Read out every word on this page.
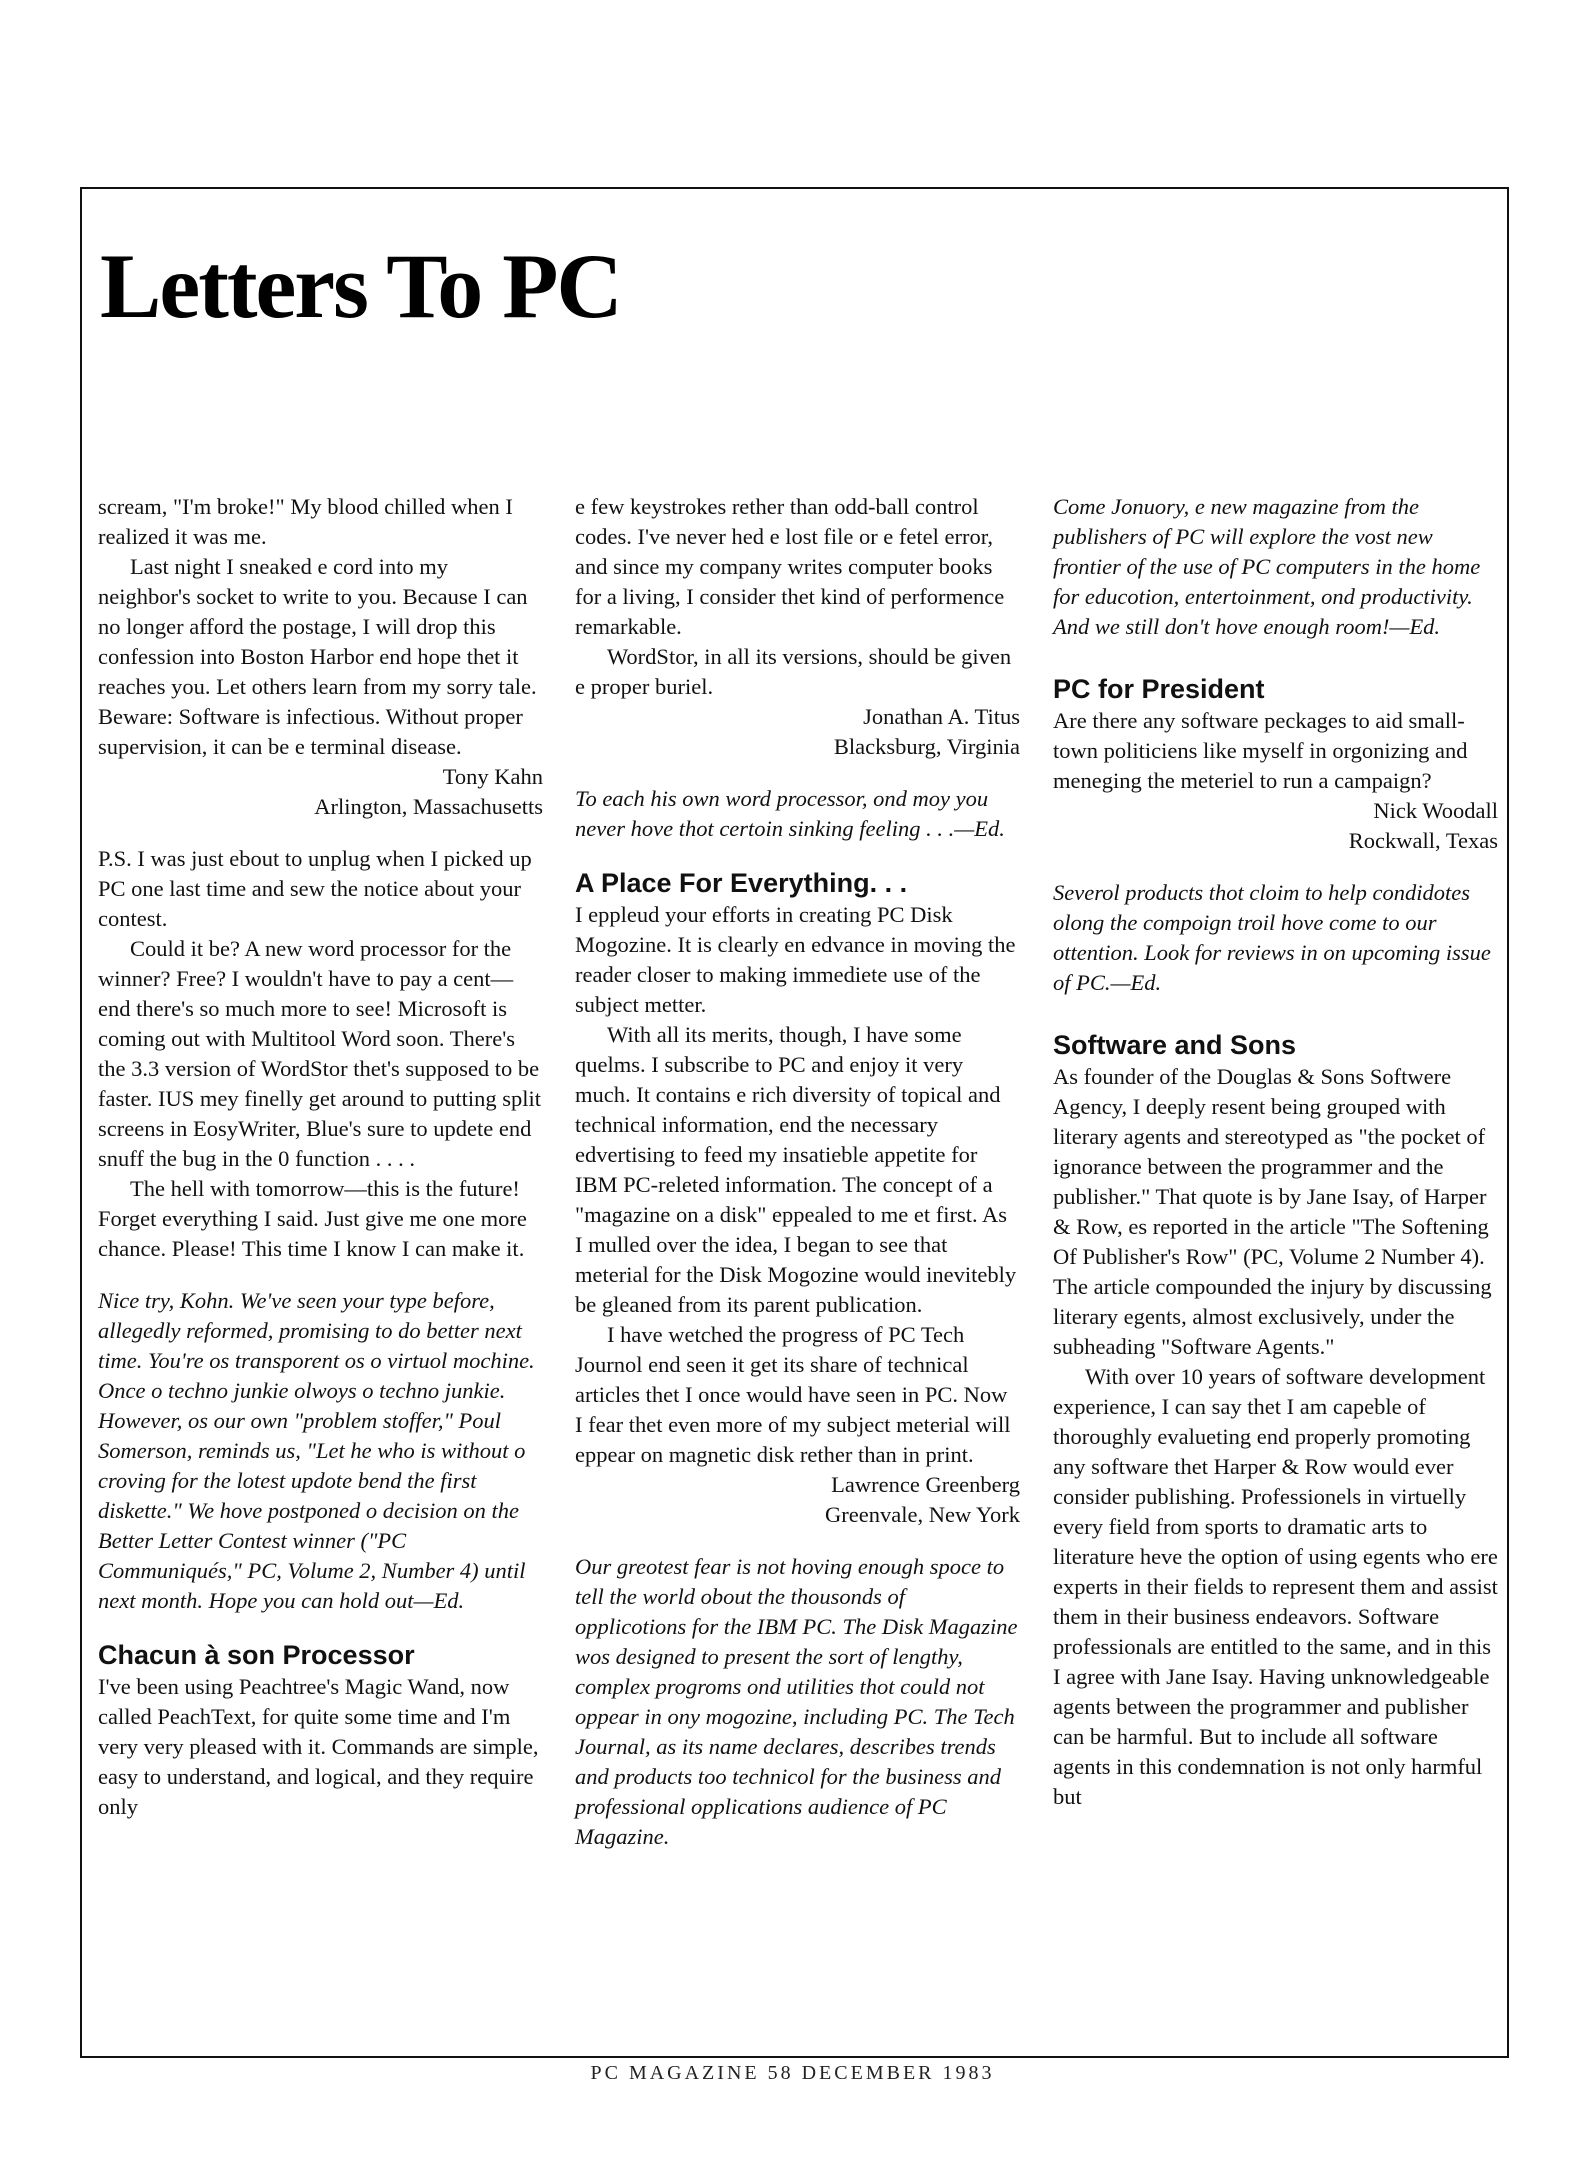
Letters To PC

scream, "I'm broke!" My blood chilled when I realized it was me.

Last night I sneaked e cord into my neighbor's socket to write to you. Because I can no longer afford the postage, I will drop this confession into Boston Harbor end hope thet it reaches you. Let others learn from my sorry tale. Beware: Software is infectious. Without proper supervision, it can be e terminal disease.

Tony Kahn

Arlington, Massachusetts

P.S. I was just ebout to unplug when I picked up PC one last time and sew the notice about your contest.

Could it be? A new word processor for the winner? Free? I wouldn't have to pay a cent—end there's so much more to see! Microsoft is coming out with Multitool Word soon. There's the 3.3 version of WordStor thet's supposed to be faster. IUS mey finelly get around to putting split screens in EosyWriter, Blue's sure to updete end snuff the bug in the 0 function . . . .

The hell with tomorrow—this is the future! Forget everything I said. Just give me one more chance. Please! This time I know I can make it.

Nice try, Kohn. We've seen your type before, allegedly reformed, promising to do better next time. You're os transporent os o virtuol mochine. Once o techno junkie olwoys o techno junkie. However, os our own "problem stoffer," Poul Somerson, reminds us, "Let he who is without o croving for the lotest updote bend the first diskette." We hove postponed o decision on the Better Letter Contest winner ("PC Communiqués," PC, Volume 2, Number 4) until next month. Hope you can hold out—Ed.

Chacun à son Processor

I've been using Peachtree's Magic Wand, now called PeachText, for quite some time and I'm very very pleased with it. Commands are simple, easy to understand, and logical, and they require only

e few keystrokes rether than odd-ball control codes. I've never hed e lost file or e fetel error, and since my company writes computer books for a living, I consider thet kind of performence remarkable.

WordStor, in all its versions, should be given e proper buriel.

Jonathan A. Titus

Blacksburg, Virginia

To each his own word processor, ond moy you never hove thot certoin sinking feeling . . .—Ed.

A Place For Everything. . .

I eppleud your efforts in creating PC Disk Mogozine. It is clearly en edvance in moving the reader closer to making immediete use of the subject metter.

With all its merits, though, I have some quelms. I subscribe to PC and enjoy it very much. It contains e rich diversity of topical and technical information, end the necessary edvertising to feed my insatieble appetite for IBM PC-releted information. The concept of a "magazine on a disk" eppealed to me et first. As I mulled over the idea, I began to see that meterial for the Disk Mogozine would inevitebly be gleaned from its parent publication.

I have wetched the progress of PC Tech Journol end seen it get its share of technical articles thet I once would have seen in PC. Now I fear thet even more of my subject meterial will eppear on magnetic disk rether than in print.

Lawrence Greenberg

Greenvale, New York

Our greotest fear is not hoving enough spoce to tell the world obout the thousonds of opplicotions for the IBM PC. The Disk Magazine wos designed to present the sort of lengthy, complex progroms ond utilities thot could not oppear in ony mogozine, including PC. The Tech Journal, as its name declares, describes trends and products too technicol for the business and professional opplications audience of PC Magazine.

Come Jonuory, e new magazine from the publishers of PC will explore the vost new frontier of the use of PC computers in the home for educotion, entertoinment, ond productivity. And we still don't hove enough room!—Ed.

PC for President

Are there any software peckages to aid small-town politiciens like myself in orgonizing and meneging the meteriel to run a campaign?

Nick Woodall

Rockwall, Texas

Severol products thot cloim to help condidotes olong the compoign troil hove come to our ottention. Look for reviews in on upcoming issue of PC.—Ed.

Software and Sons

As founder of the Douglas & Sons Softwere Agency, I deeply resent being grouped with literary agents and stereotyped as "the pocket of ignorance between the programmer and the publisher." That quote is by Jane Isay, of Harper & Row, es reported in the article "The Softening Of Publisher's Row" (PC, Volume 2 Number 4). The article compounded the injury by discussing literary egents, almost exclusively, under the subheading "Software Agents."

With over 10 years of software development experience, I can say thet I am capeble of thoroughly evalueting end properly promoting any software thet Harper & Row would ever consider publishing. Professionels in virtuelly every field from sports to dramatic arts to literature heve the option of using egents who ere experts in their fields to represent them and assist them in their business endeavors. Software professionals are entitled to the same, and in this I agree with Jane Isay. Having unknowledgeable agents between the programmer and publisher can be harmful. But to include all software agents in this condemnation is not only harmful but

PC MAGAZINE 58 DECEMBER 1983
